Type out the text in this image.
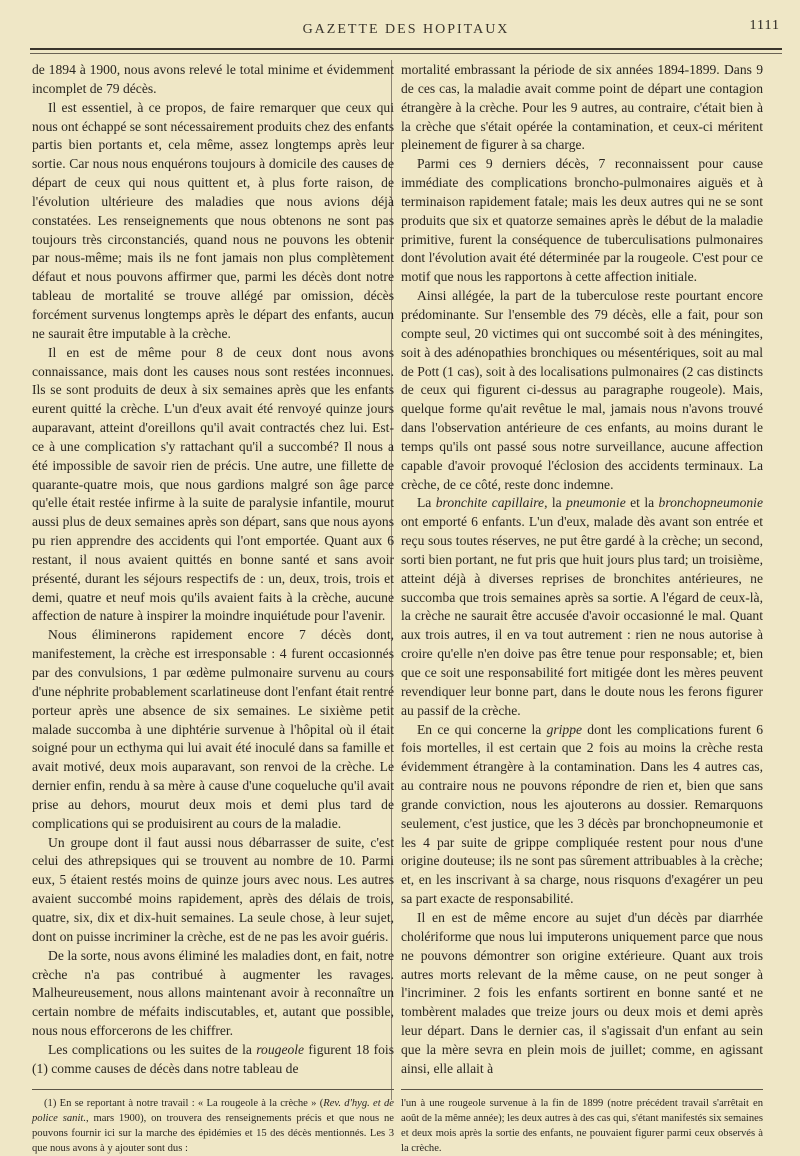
GAZETTE DES HOPITAUX	1111

de 1894 à 1900, nous avons relevé le total minime et évidemment incomplet de 79 décès.

Il est essentiel, à ce propos, de faire remarquer que ceux qui nous ont échappé se sont nécessairement produits chez des enfants partis bien portants et, cela même, assez longtemps après leur sortie. Car nous nous enquérons toujours à domicile des causes de départ de ceux qui nous quittent et, à plus forte raison, de l'évolution ultérieure des maladies que nous avions déjà constatées. Les renseignements que nous obtenons ne sont pas toujours très circonstanciés, quand nous ne pouvons les obtenir par nous-même; mais ils ne font jamais non plus complètement défaut et nous pouvons affirmer que, parmi les décès dont notre tableau de mortalité se trouve allégé par omission, décès forcément survenus longtemps après le départ des enfants, aucun ne saurait être imputable à la crèche.

Il en est de même pour 8 de ceux dont nous avons connaissance, mais dont les causes nous sont restées inconnues. Ils se sont produits de deux à six semaines après que les enfants eurent quitté la crèche. L'un d'eux avait été renvoyé quinze jours auparavant, atteint d'oreillons qu'il avait contractés chez lui. Est-ce à une complication s'y rattachant qu'il a succombé? Il nous a été impossible de savoir rien de précis. Une autre, une fillette de quarante-quatre mois, que nous gardions malgré son âge parce qu'elle était restée infirme à la suite de paralysie infantile, mourut aussi plus de deux semaines après son départ, sans que nous ayons pu rien apprendre des accidents qui l'ont emportée. Quant aux 6 restant, il nous avaient quittés en bonne santé et sans avoir présenté, durant les séjours respectifs de : un, deux, trois, trois et demi, quatre et neuf mois qu'ils avaient faits à la crèche, aucune affection de nature à inspirer la moindre inquiétude pour l'avenir.

Nous éliminerons rapidement encore 7 décès dont, manifestement, la crèche est irresponsable : 4 furent occasionnés par des convulsions, 1 par œdème pulmonaire survenu au cours d'une néphrite probablement scarlatineuse dont l'enfant était rentré porteur après une absence de six semaines. Le sixième petit malade succomba à une diphtérie survenue à l'hôpital où il était soigné pour un ecthyma qui lui avait été inoculé dans sa famille et avait motivé, deux mois auparavant, son renvoi de la crèche. Le dernier enfin, rendu à sa mère à cause d'une coqueluche qu'il avait prise au dehors, mourut deux mois et demi plus tard de complications qui se produisirent au cours de la maladie.

Un groupe dont il faut aussi nous débarrasser de suite, c'est celui des athrepsiques qui se trouvent au nombre de 10. Parmi eux, 5 étaient restés moins de quinze jours avec nous. Les autres avaient succombé moins rapidement, après des délais de trois, quatre, six, dix et dix-huit semaines. La seule chose, à leur sujet, dont on puisse incriminer la crèche, est de ne pas les avoir guéris.

De la sorte, nous avons éliminé les maladies dont, en fait, notre crèche n'a pas contribué à augmenter les ravages. Malheureusement, nous allons maintenant avoir à reconnaître un certain nombre de méfaits indiscutables, et, autant que possible, nous nous efforcerons de les chiffrer.

Les complications ou les suites de la rougeole figurent 18 fois (1) comme causes de décès dans notre tableau de

(1) En se reportant à notre travail : « La rougeole à la crèche » (Rev. d'hyg. et de police sanit., mars 1900), on trouvera des renseignements précis et que nous ne pouvons fournir ici sur la marche des épidémies et 15 des décès mentionnés. Les 3 que nous avons à y ajouter sont dus :

mortalité embrassant la période de six années 1894-1899. Dans 9 de ces cas, la maladie avait comme point de départ une contagion étrangère à la crèche. Pour les 9 autres, au contraire, c'était bien à la crèche que s'était opérée la contamination, et ceux-ci méritent pleinement de figurer à sa charge.

Parmi ces 9 derniers décès, 7 reconnaissent pour cause immédiate des complications broncho-pulmonaires aiguës et à terminaison rapidement fatale; mais les deux autres qui ne se sont produits que six et quatorze semaines après le début de la maladie primitive, furent la conséquence de tuberculisations pulmonaires dont l'évolution avait été déterminée par la rougeole. C'est pour ce motif que nous les rapportons à cette affection initiale.

Ainsi allégée, la part de la tuberculose reste pourtant encore prédominante. Sur l'ensemble des 79 décès, elle a fait, pour son compte seul, 20 victimes qui ont succombé soit à des méningites, soit à des adénopathies bronchiques ou mésentériques, soit au mal de Pott (1 cas), soit à des localisations pulmonaires (2 cas distincts de ceux qui figurent ci-dessus au paragraphe rougeole). Mais, quelque forme qu'ait revêtue le mal, jamais nous n'avons trouvé dans l'observation antérieure de ces enfants, au moins durant le temps qu'ils ont passé sous notre surveillance, aucune affection capable d'avoir provoqué l'éclosion des accidents terminaux. La crèche, de ce côté, reste donc indemne.

La bronchite capillaire, la pneumonie et la bronchopneumonie ont emporté 6 enfants. L'un d'eux, malade dès avant son entrée et reçu sous toutes réserves, ne put être gardé à la crèche; un second, sorti bien portant, ne fut pris que huit jours plus tard; un troisième, atteint déjà à diverses reprises de bronchites antérieures, ne succomba que trois semaines après sa sortie. A l'égard de ceux-là, la crèche ne saurait être accusée d'avoir occasionné le mal. Quant aux trois autres, il en va tout autrement : rien ne nous autorise à croire qu'elle n'en doive pas être tenue pour responsable; et, bien que ce soit une responsabilité fort mitigée dont les mères peuvent revendiquer leur bonne part, dans le doute nous les ferons figurer au passif de la crèche.

En ce qui concerne la grippe dont les complications furent 6 fois mortelles, il est certain que 2 fois au moins la crèche resta évidemment étrangère à la contamination. Dans les 4 autres cas, au contraire nous ne pouvons répondre de rien et, bien que sans grande conviction, nous les ajouterons au dossier. Remarquons seulement, c'est justice, que les 3 décès par bronchopneumonie et les 4 par suite de grippe compliquée restent pour nous d'une origine douteuse; ils ne sont pas sûrement attribuables à la crèche; et, en les inscrivant à sa charge, nous risquons d'exagérer un peu sa part exacte de responsabilité.

Il en est de même encore au sujet d'un décès par diarrhée cholériforme que nous lui imputerons uniquement parce que nous ne pouvons démontrer son origine extérieure. Quant aux trois autres morts relevant de la même cause, on ne peut songer à l'incriminer. 2 fois les enfants sortirent en bonne santé et ne tombèrent malades que treize jours ou deux mois et demi après leur départ. Dans le dernier cas, il s'agissait d'un enfant au sein que la mère sevra en plein mois de juillet; comme, en agissant ainsi, elle allait à

l'un à une rougeole survenue à la fin de 1899 (notre précédent travail s'arrêtait en août de la même année); les deux autres à des cas qui, s'étant manifestés six semaines et deux mois après la sortie des enfants, ne pouvaient figurer parmi ceux observés à la crèche.
